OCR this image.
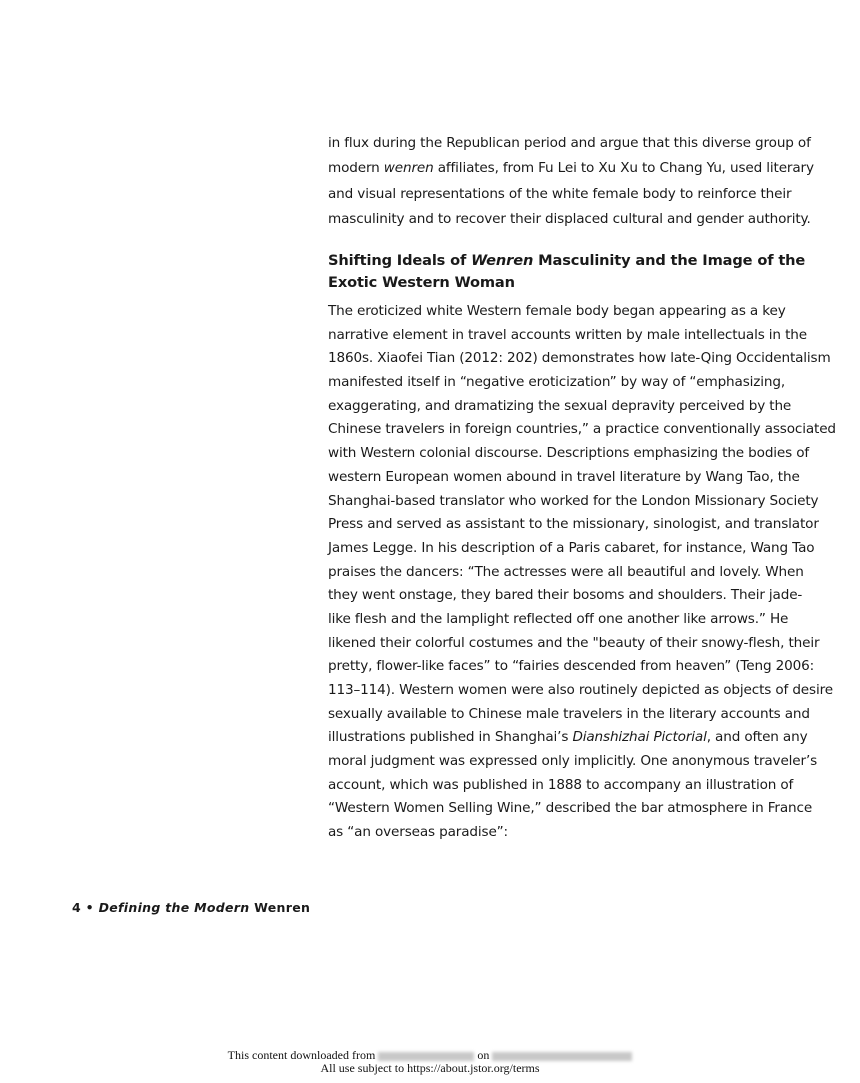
in flux during the Republican period and argue that this diverse group of
modern wenren affiliates, from Fu Lei to Xu Xu to Chang Yu, used literary
and visual representations of the white female body to reinforce their
masculinity and to recover their displaced cultural and gender authority.
Shifting Ideals of Wenren Masculinity and the Image of the
Exotic Western Woman
The eroticized white Western female body began appearing as a key
narrative element in travel accounts written by male intellectuals in the
1860s. Xiaofei Tian (2012: 202) demonstrates how late-Qing Occidentalism
manifested itself in “negative eroticization” by way of “emphasizing,
exaggerating, and dramatizing the sexual depravity perceived by the
Chinese travelers in foreign countries,” a practice conventionally associated
with Western colonial discourse. Descriptions emphasizing the bodies of
western European women abound in travel literature by Wang Tao, the
Shanghai-based translator who worked for the London Missionary Society
Press and served as assistant to the missionary, sinologist, and translator
James Legge. In his description of a Paris cabaret, for instance, Wang Tao
praises the dancers: “The actresses were all beautiful and lovely. When
they went onstage, they bared their bosoms and shoulders. Their jade-
like flesh and the lamplight reflected off one another like arrows.” He
likened their colorful costumes and the "beauty of their snowy-flesh, their
pretty, flower-like faces” to “fairies descended from heaven” (Teng 2006:
113–114). Western women were also routinely depicted as objects of desire
sexually available to Chinese male travelers in the literary accounts and
illustrations published in Shanghai’s Dianshizhai Pictorial, and often any
moral judgment was expressed only implicitly. One anonymous traveler’s
account, which was published in 1888 to accompany an illustration of
“Western Women Selling Wine,” described the bar atmosphere in France
as “an overseas paradise”:
4 • Defining the Modern Wenren
This content downloaded from	on
All use subject to https://about.jstor.org/terms
